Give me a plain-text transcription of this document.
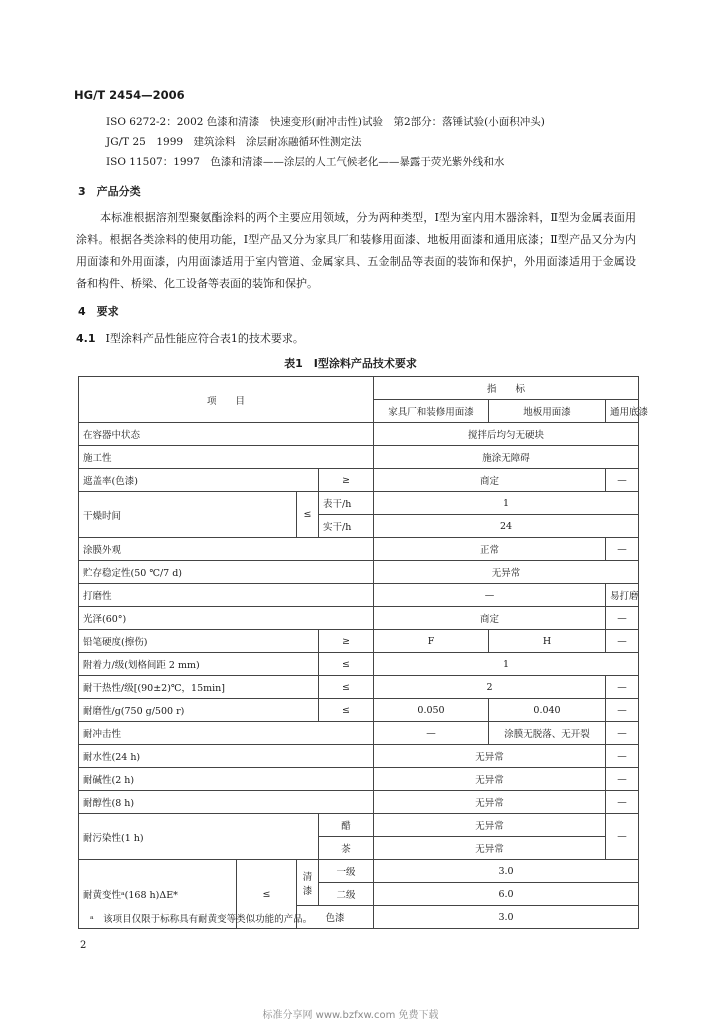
HG/T 2454—2006
ISO 6272-2：2002 色漆和清漆　快速变形(耐冲击性)试验　第2部分：落锤试验(小面积冲头)
JG/T 25　1999　建筑涂料　涂层耐冻融循环性测定法
ISO 11507：1997　色漆和清漆——涂层的人工气候老化——暴露于荧光紫外线和水
3　 产品分类
本标准根据溶剂型聚氨酯涂料的两个主要应用领域，分为两种类型，Ⅰ型为室内用木器涂料，Ⅱ型为金属表面用涂料。根据各类涂料的使用功能，Ⅰ型产品又分为家具厂和装修用面漆、地板用面漆和通用底漆；Ⅱ型产品又分为内用面漆和外用面漆，内用面漆适用于室内管道、金属家具、五金制品等表面的装饰和保护，外用面漆适用于金属设备和构件、桥梁、化工设备等表面的装饰和保护。
4　 要求
4.1 Ⅰ型涂料产品性能应符合表1的技术要求。
表1　Ⅰ型涂料产品技术要求
项　　目				指　　标		
				家具厂和装修用面漆	地板用面漆	通用底漆
在容器中状态				搅拌后均匀无硬块		
施工性				施涂无障碍		
遮盖率(色漆)			≥	商定		—
干燥时间		≤	表干/h	1		
			实干/h	24		
涂膜外观				正常		—
贮存稳定性(50 ℃/7 d)				无异常		
打磨性				—		易打磨
光泽(60°)				商定		—
铅笔硬度(擦伤)			≥	F	H	—
附着力/级(划格间距 2 mm)			≤	1		
耐干热性/级[(90±2)℃，15min]			≤	2		—
耐磨性/g(750 g/500 r)			≤	0.050	0.040	—
耐冲击性				—	涂膜无脱落、无开裂	—
耐水性(24 h)				无异常		—
耐碱性(2 h)				无异常		—
耐醇性(8 h)				无异常		—
耐污染性(1 h)			醋	无异常		—
			茶	无异常		
耐黄变性ᵃ(168 h)ΔE*	≤	清漆	一级	3.0		
			二级	6.0		
		色漆		3.0		
ᵃ　该项目仅限于标称具有耐黄变等类似功能的产品。
2
标准分享网 www.bzfxw.com 免费下载
